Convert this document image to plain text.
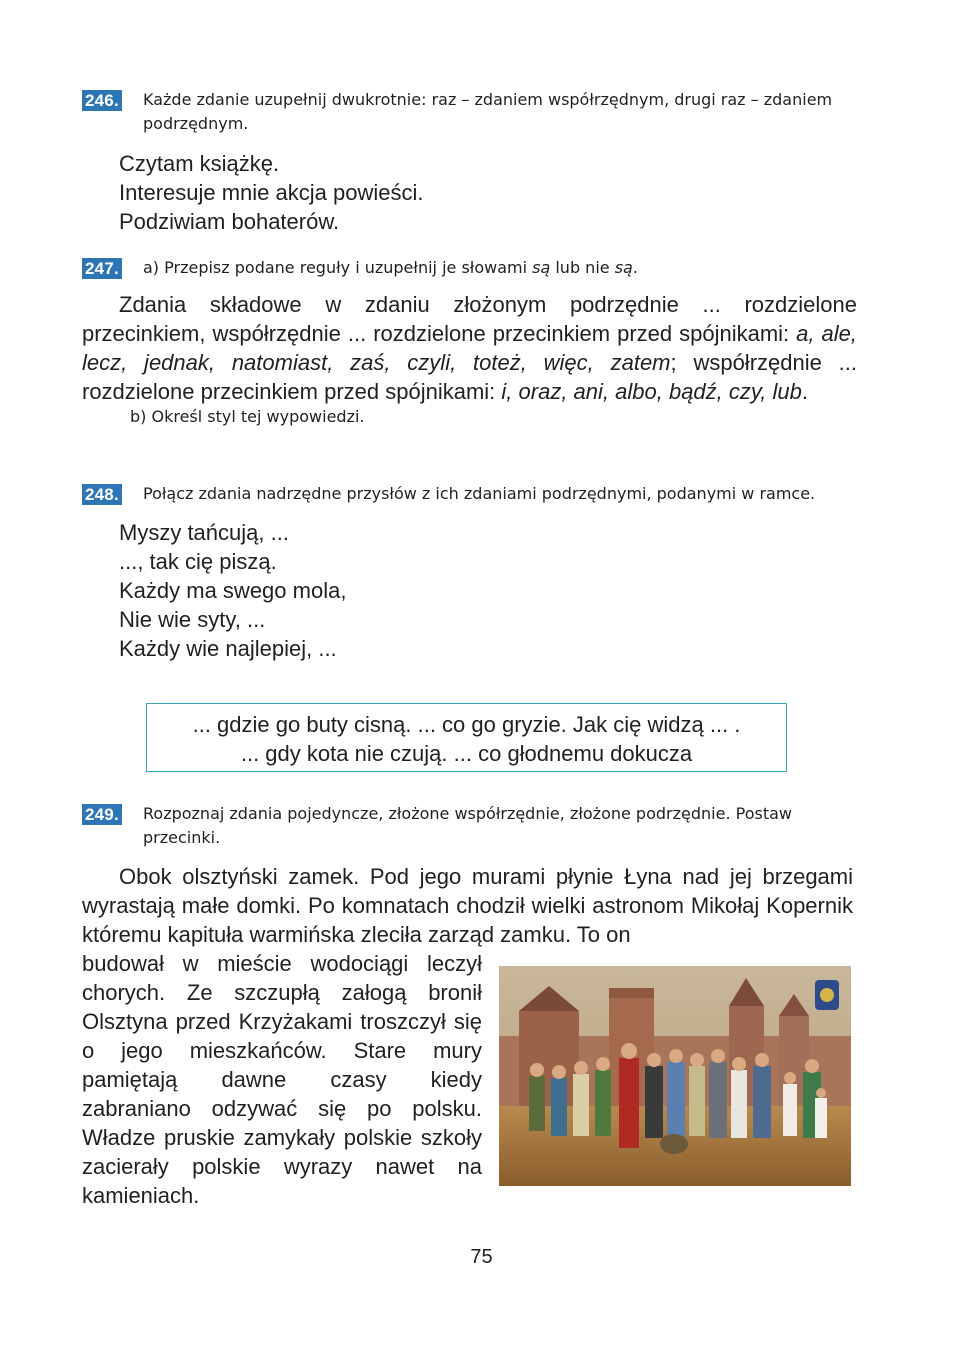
246. Każde zdanie uzupełnij dwukrotnie: raz – zdaniem współrzędnym, drugi raz – zdaniem podrzędnym.
Czytam książkę.
Interesuje mnie akcja powieści.
Podziwiam bohaterów.
247. a) Przepisz podane reguły i uzupełnij je słowami są lub nie są.

Zdania składowe w zdaniu złożonym podrzędnie ... rozdzielone przecinkiem, współrzędnie ... rozdzielone przecinkiem przed spójnikami: a, ale, lecz, jednak, natomiast, zaś, czyli, toteż, więc, zatem; współrzędnie ... rozdzielone przecinkiem przed spójnikami: i, oraz, ani, albo, bądź, czy, lub.

b) Określ styl tej wypowiedzi.
248. Połącz zdania nadrzędne przysłów z ich zdaniami podrzędnymi, podanymi w ramce.
Myszy tańcują, ...
..., tak cię piszą.
Każdy ma swego mola,
Nie wie syty, ...
Każdy wie najlepiej, ...
... gdzie go buty cisną. ... co go gryzie. Jak cię widzą ... .
... gdy kota nie czują. ... co głodnemu dokucza
249. Rozpoznaj zdania pojedyncze, złożone współrzędnie, złożone podrzędnie. Postaw przecinki.

Obok olsztyński zamek. Pod jego murami płynie Łyna nad jej brzegami wyrastają małe domki. Po komnatach chodził wielki astronom Mikołaj Kopernik któremu kapituła warmińska zleciła zarząd zamku. To on

budował w mieście wodociągi leczył chorych. Ze szczupłą załogą bronił Olsztyna przed Krzyżakami troszczył się o jego mieszkańców. Stare mury pamiętają dawne czasy kiedy zabraniano odzywać się po polsku. Władze pruskie zamykały polskie szkoły zacierały polskie wyrazy nawet na kamieniach.

75
